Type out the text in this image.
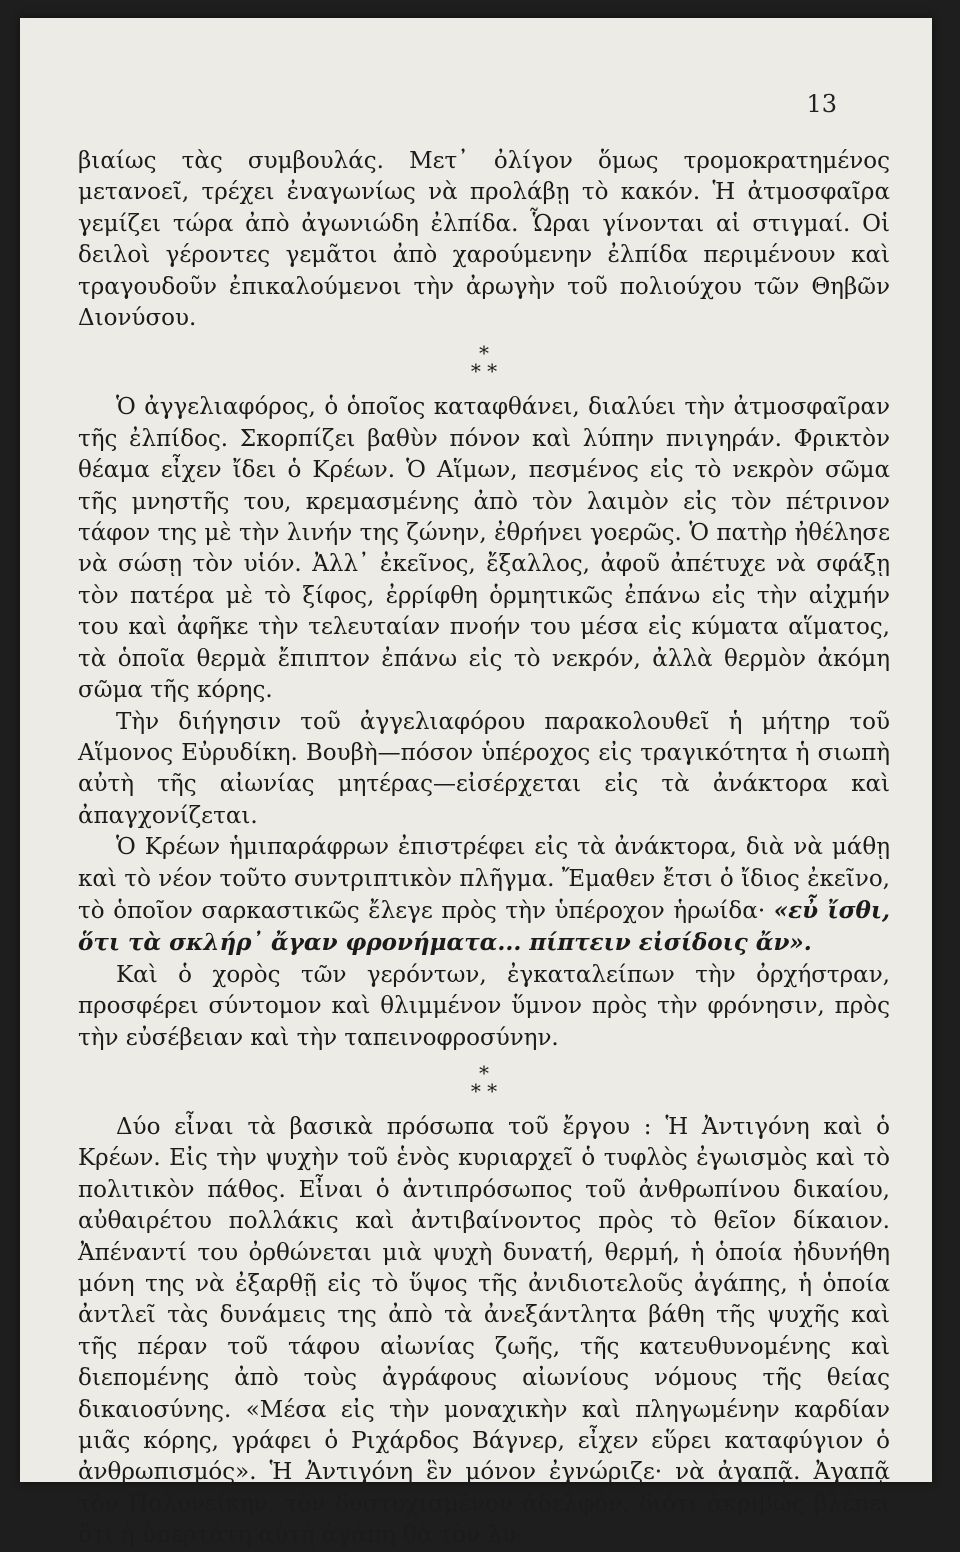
13

βιαίως τὰς συμβουλάς. Μετ᾽ ὀλίγον ὅμως τρομοκρατημένος μετανοεῖ, τρέχει ἐναγωνίως νὰ προλάβῃ τὸ κακόν. Ἡ ἀτμοσφαῖρα γεμίζει τώρα ἀπὸ ἀγωνιώδη ἐλπίδα. Ὧραι γίνονται αἱ στιγμαί. Οἱ δειλοὶ γέροντες γεμᾶτοι ἀπὸ χαρούμενην ἐλπίδα περιμένουν καὶ τραγουδοῦν ἐπικαλούμενοι τὴν ἀρωγὴν τοῦ πολιούχου τῶν Θηβῶν Διονύσου.

*
* *

Ὁ ἀγγελιαφόρος, ὁ ὁποῖος καταφθάνει, διαλύει τὴν ἀτμοσφαῖραν τῆς ἐλπίδος. Σκορπίζει βαθὺν πόνον καὶ λύπην πνιγηράν. Φρικτὸν θέαμα εἶχεν ἴδει ὁ Κρέων. Ὁ Αἵμων, πεσμένος εἰς τὸ νεκρὸν σῶμα τῆς μνηστῆς του, κρεμασμένης ἀπὸ τὸν λαιμὸν εἰς τὸν πέτρινον τάφον της μὲ τὴν λινήν της ζώνην, ἐθρήνει γοερῶς. Ὁ πατὴρ ἠθέλησε νὰ σώσῃ τὸν υἱόν. Ἀλλ᾽ ἐκεῖνος, ἔξαλλος, ἀφοῦ ἀπέτυχε νὰ σφάξῃ τὸν πατέρα μὲ τὸ ξίφος, ἐρρίφθη ὁρμητικῶς ἐπάνω εἰς τὴν αἰχμήν του καὶ ἀφῆκε τὴν τελευταίαν πνοήν του μέσα εἰς κύματα αἵματος, τὰ ὁποῖα θερμὰ ἔπιπτον ἐπάνω εἰς τὸ νεκρόν, ἀλλὰ θερμὸν ἀκόμη σῶμα τῆς κόρης.

Τὴν διήγησιν τοῦ ἀγγελιαφόρου παρακολουθεῖ ἡ μήτηρ τοῦ Αἵμονος Εὐρυδίκη. Βουβὴ—πόσον ὑπέροχος εἰς τραγικότητα ἡ σιωπὴ αὐτὴ τῆς αἰωνίας μητέρας—εἰσέρχεται εἰς τὰ ἀνάκτορα καὶ ἀπαγχονίζεται.

Ὁ Κρέων ἡμιπαράφρων ἐπιστρέφει εἰς τὰ ἀνάκτορα, διὰ νὰ μάθῃ καὶ τὸ νέον τοῦτο συντριπτικὸν πλῆγμα. Ἔμαθεν ἔτσι ὁ ἴδιος ἐκεῖνο, τὸ ὁποῖον σαρκαστικῶς ἔλεγε πρὸς τὴν ὑπέροχον ἡρωίδα· «εὖ ἴσθι, ὅτι τὰ σκλήρ᾽ ἄγαν φρονήματα... πίπτειν εἰσίδοις ἄν».

Καὶ ὁ χορὸς τῶν γερόντων, ἐγκαταλείπων τὴν ὀρχήστραν, προσφέρει σύντομον καὶ θλιμμένον ὕμνον πρὸς τὴν φρόνησιν, πρὸς τὴν εὐσέβειαν καὶ τὴν ταπεινοφροσύνην.

*
* *

Δύο εἶναι τὰ βασικὰ πρόσωπα τοῦ ἔργου : Ἡ Ἀντιγόνη καὶ ὁ Κρέων. Εἰς τὴν ψυχὴν τοῦ ἑνὸς κυριαρχεῖ ὁ τυφλὸς ἐγωισμὸς καὶ τὸ πολιτικὸν πάθος. Εἶναι ὁ ἀντιπρόσωπος τοῦ ἀνθρωπίνου δικαίου, αὐθαιρέτου πολλάκις καὶ ἀντιβαίνοντος πρὸς τὸ θεῖον δίκαιον. Ἀπέναντί του ὀρθώνεται μιὰ ψυχὴ δυνατή, θερμή, ἡ ὁποία ἠδυνήθη μόνη της νὰ ἐξαρθῇ εἰς τὸ ὕψος τῆς ἀνιδιοτελοῦς ἀγάπης, ἡ ὁποία ἀντλεῖ τὰς δυνάμεις της ἀπὸ τὰ ἀνεξάντλητα βάθη τῆς ψυχῆς καὶ τῆς πέραν τοῦ τάφου αἰωνίας ζωῆς, τῆς κατευθυνομένης καὶ διεπομένης ἀπὸ τοὺς ἀγράφους αἰωνίους νόμους τῆς θείας δικαιοσύνης. «Μέσα εἰς τὴν μοναχικὴν καὶ πληγωμένην καρδίαν μιᾶς κόρης, γράφει ὁ Ριχάρδος Βάγνερ, εἶχεν εὕρει καταφύγιον ὁ ἀνθρωπισμός». Ἡ Ἀντιγόνη ἓν μόνον ἐγνώριζε· νὰ ἀγαπᾷ. Ἀγαπᾷ τὸν Πολυνείκην, τὸν δυστυχισμένον ἀδελφόν, διότι ἀκριβῶς βλέπει ὅτι ἡ ὑπερτάτη αὐτὴ ἀγάπη θὰ τὸν λυ-
